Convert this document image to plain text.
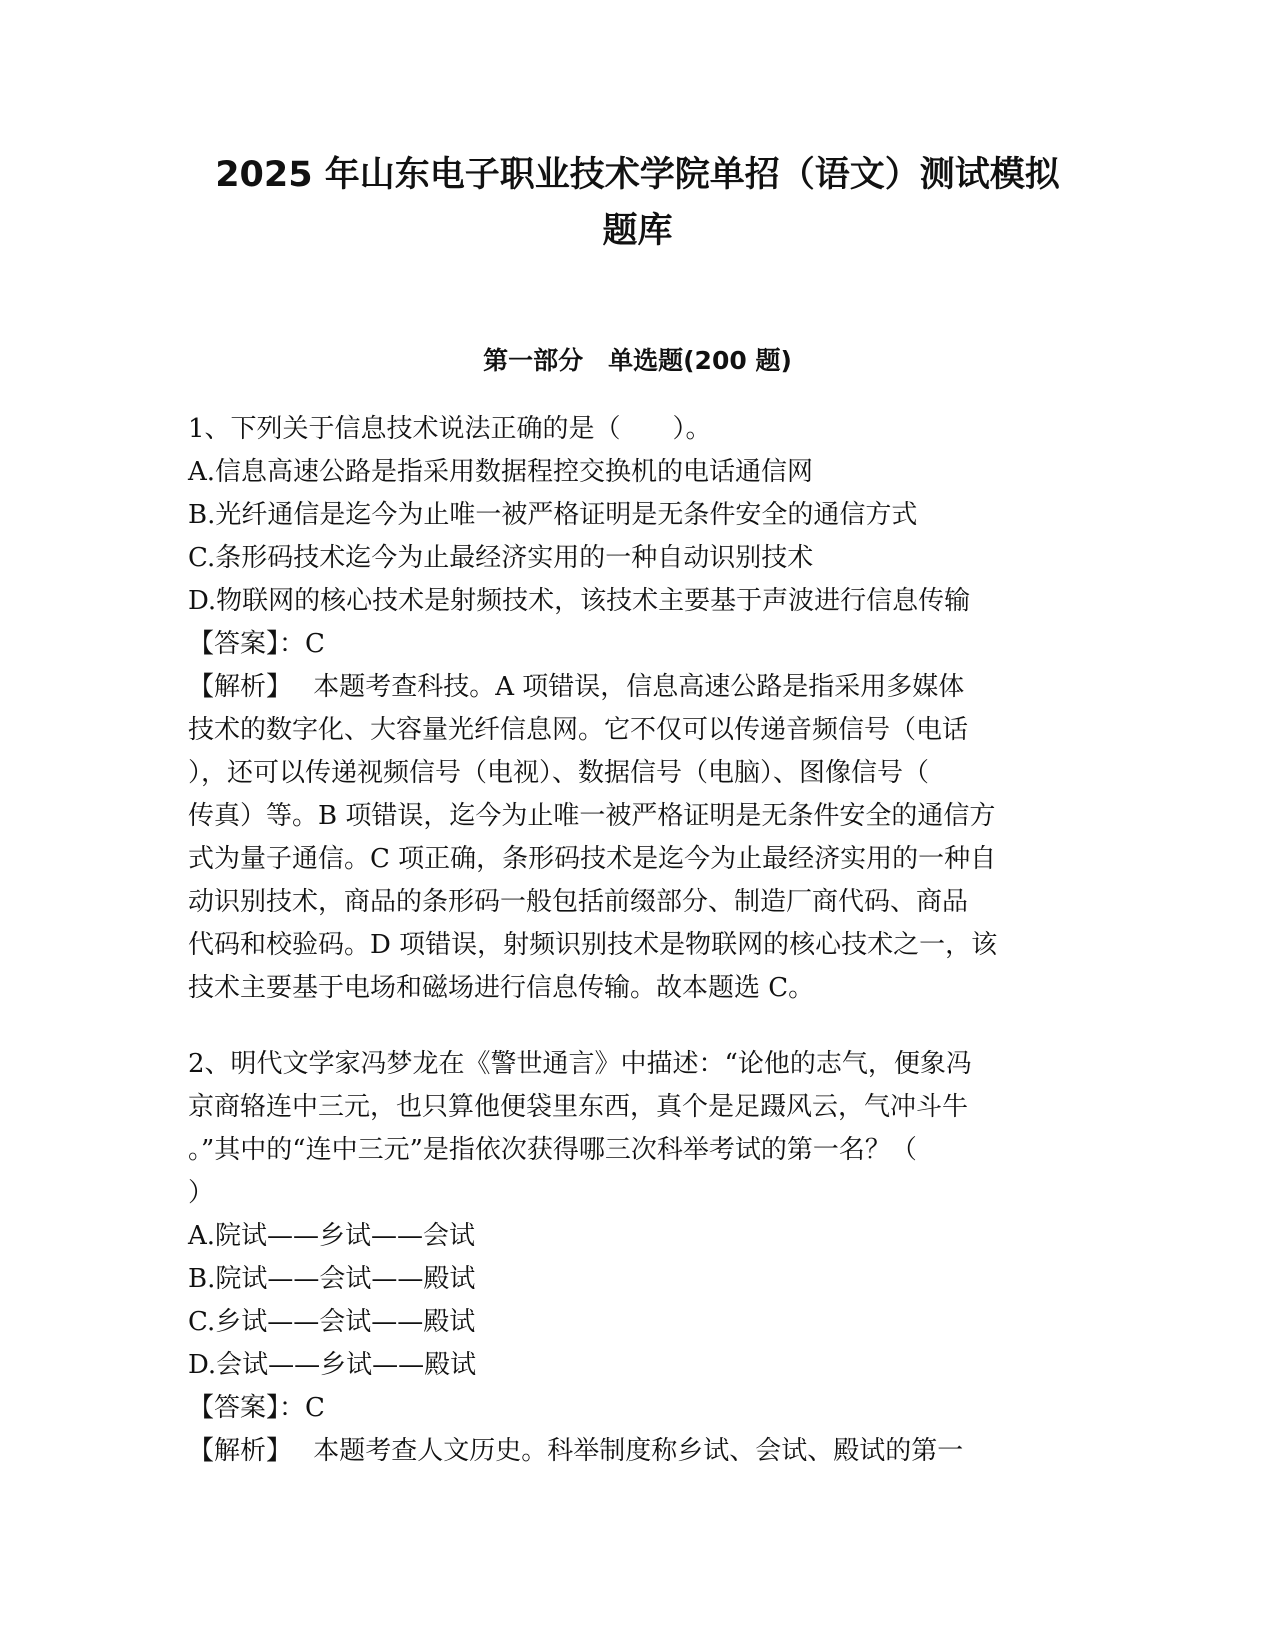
2025 年山东电子职业技术学院单招（语文）测试模拟
题库
第一部分　单选题(200 题)
1、下列关于信息技术说法正确的是（　　）。
A.信息高速公路是指采用数据程控交换机的电话通信网
B.光纤通信是迄今为止唯一被严格证明是无条件安全的通信方式
C.条形码技术迄今为止最经济实用的一种自动识别技术
D.物联网的核心技术是射频技术，该技术主要基于声波进行信息传输
【答案】：C
【解析】　 本题考查科技。A 项错误，信息高速公路是指采用多媒体
技术的数字化、大容量光纤信息网。它不仅可以传递音频信号（电话
），还可以传递视频信号（电视）、数据信号（电脑）、图像信号（
传真）等。B 项错误，迄今为止唯一被严格证明是无条件安全的通信方
式为量子通信。C 项正确，条形码技术是迄今为止最经济实用的一种自
动识别技术，商品的条形码一般包括前缀部分、制造厂商代码、商品
代码和校验码。D 项错误，射频识别技术是物联网的核心技术之一，该
技术主要基于电场和磁场进行信息传输。故本题选 C。
2、明代文学家冯梦龙在《警世通言》中描述：“论他的志气，便象冯
京商辂连中三元，也只算他便袋里东西，真个是足蹑风云，气冲斗牛
。”其中的“连中三元”是指依次获得哪三次科举考试的第一名？（
）
A.院试——乡试——会试
B.院试——会试——殿试
C.乡试——会试——殿试
D.会试——乡试——殿试
【答案】：C
【解析】　 本题考查人文历史。科举制度称乡试、会试、殿试的第一
